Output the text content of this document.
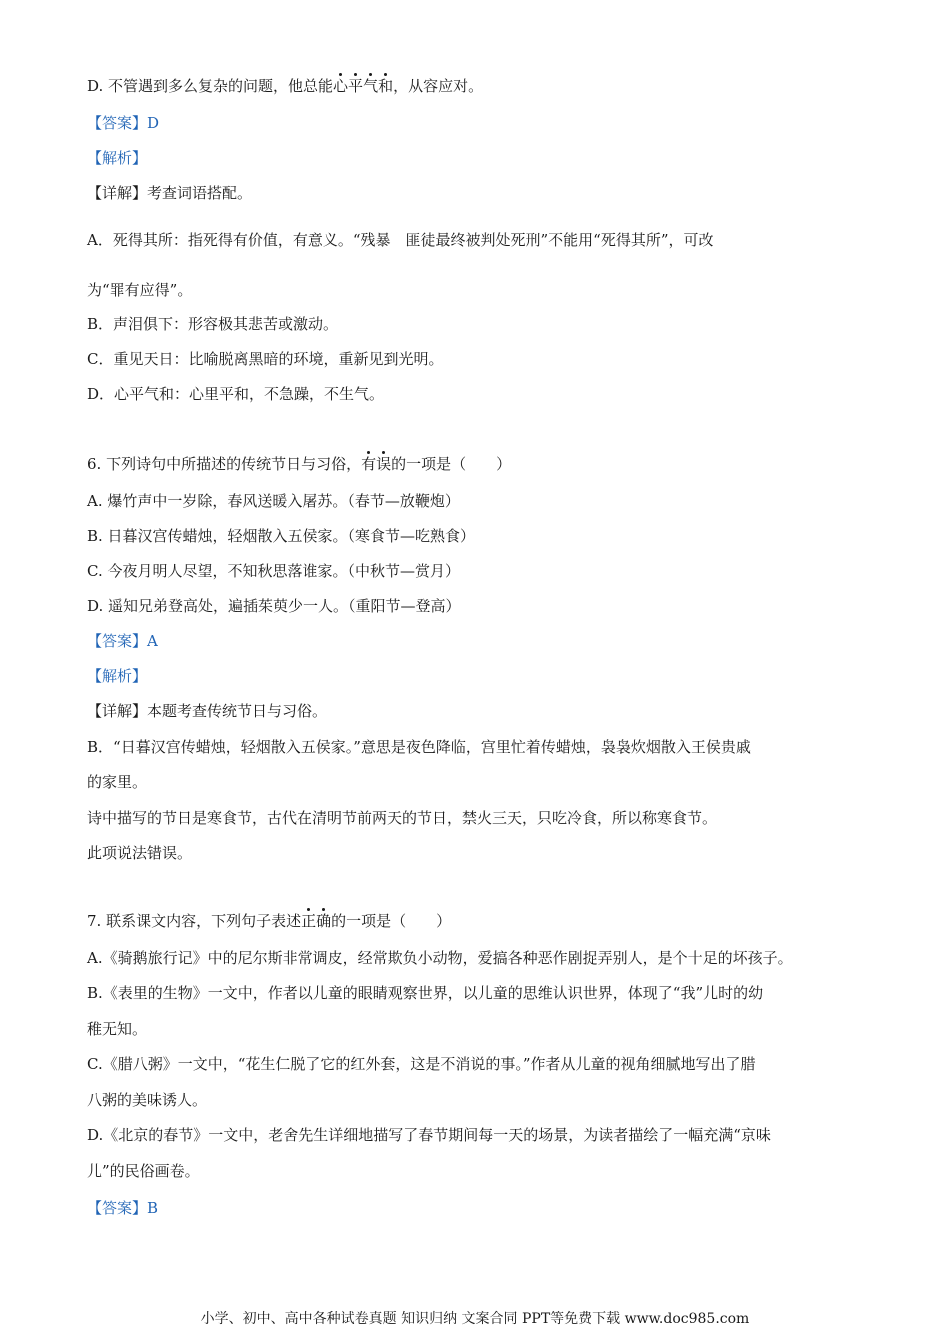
D. 不管遇到多么复杂的问题，他总能心平气和，从容应对。
【答案】D
【解析】
【详解】考查词语搭配。
A．死得其所：指死得有价值，有意义。“残暴　匪徒最终被判处死刑”不能用“死得其所”，可改
为“罪有应得”。
B．声泪俱下：形容极其悲苦或激动。
C．重见天日：比喻脱离黑暗的环境，重新见到光明。
D．心平气和：心里平和，不急躁，不生气。
6. 下列诗句中所描述的传统节日与习俗，有误的一项是（　　）
A. 爆竹声中一岁除，春风送暖入屠苏。（春节—放鞭炮）
B. 日暮汉宫传蜡烛，轻烟散入五侯家。（寒食节—吃熟食）
C. 今夜月明人尽望，不知秋思落谁家。（中秋节—赏月）
D. 遥知兄弟登高处，遍插茱萸少一人。（重阳节—登高）
【答案】A
【解析】
【详解】本题考查传统节日与习俗。
B．“日暮汉宫传蜡烛，轻烟散入五侯家。”意思是夜色降临，宫里忙着传蜡烛，袅袅炊烟散入王侯贵戚
的家里。
诗中描写的节日是寒食节，古代在清明节前两天的节日，禁火三天，只吃冷食，所以称寒食节。
此项说法错误。
7. 联系课文内容，下列句子表述正确的一项是（　　）
A.《骑鹅旅行记》中的尼尔斯非常调皮，经常欺负小动物，爱搞各种恶作剧捉弄别人，是个十足的坏孩子。
B.《表里的生物》一文中，作者以儿童的眼睛观察世界，以儿童的思维认识世界，体现了“我”儿时的幼
稚无知。
C.《腊八粥》一文中，“花生仁脱了它的红外套，这是不消说的事。”作者从儿童的视角细腻地写出了腊
八粥的美味诱人。
D.《北京的春节》一文中，老舍先生详细地描写了春节期间每一天的场景，为读者描绘了一幅充满“京味
儿”的民俗画卷。
【答案】B
小学、初中、高中各种试卷真题 知识归纳 文案合同 PPT等免费下载 www.doc985.com
